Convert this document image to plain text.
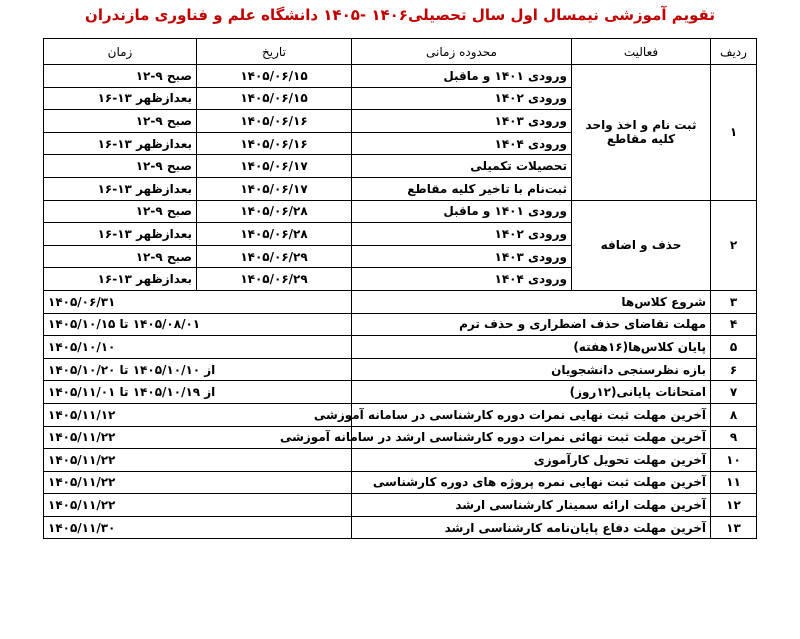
تقویم آموزشی نیمسال اول سال تحصیلی۱۴۰۶ -۱۴۰۵ دانشگاه علم و فناوری مازندران
ردیف	فعالیت	محدوده زمانی	تاریخ	زمان
۱	ثبت نام و اخذ واحد کلیه مقاطع	ورودی ۱۴۰۱ و ماقبل	۱۴۰۵/۰۶/۱۵	صبح ۹-۱۲
		ورودی ۱۴۰۲	۱۴۰۵/۰۶/۱۵	بعدازظهر ۱۳-۱۶
		ورودی ۱۴۰۳	۱۴۰۵/۰۶/۱۶	صبح ۹-۱۲
		ورودی ۱۴۰۴	۱۴۰۵/۰۶/۱۶	بعدازظهر ۱۳-۱۶
		تحصیلات تکمیلی	۱۴۰۵/۰۶/۱۷	صبح ۹-۱۲
		ثبت‌نام با تاخیر کلیه مقاطع	۱۴۰۵/۰۶/۱۷	بعدازظهر ۱۳-۱۶
۲	حذف و اضافه	ورودی ۱۴۰۱ و ماقبل	۱۴۰۵/۰۶/۲۸	صبح ۹-۱۲
		ورودی ۱۴۰۲	۱۴۰۵/۰۶/۲۸	بعدازظهر ۱۳-۱۶
		ورودی ۱۴۰۳	۱۴۰۵/۰۶/۲۹	صبح ۹-۱۲
		ورودی ۱۴۰۴	۱۴۰۵/۰۶/۲۹	بعدازظهر ۱۳-۱۶
۳	شروع کلاس‌ها		۱۴۰۵/۰۶/۳۱	
۴	مهلت تقاضای حذف اضطراری و حذف ترم		۱۴۰۵/۰۸/۰۱ تا ۱۴۰۵/۱۰/۱۵	
۵	پایان کلاس‌ها(۱۶هفته)		۱۴۰۵/۱۰/۱۰	
۶	بازه نظرسنجی دانشجویان		از ۱۴۰۵/۱۰/۱۰ تا ۱۴۰۵/۱۰/۲۰	
۷	امتحانات پایانی(۱۲روز)		از ۱۴۰۵/۱۰/۱۹ تا ۱۴۰۵/۱۱/۰۱	
۸	آخرین مهلت ثبت نهایی نمرات دوره کارشناسی در سامانه آموزشی		۱۴۰۵/۱۱/۱۲	
۹	آخرین مهلت ثبت نهائی نمرات دوره کارشناسی ارشد در سامانه آموزشی		۱۴۰۵/۱۱/۲۲	
۱۰	آخرین مهلت تحویل کارآموزی		۱۴۰۵/۱۱/۲۲	
۱۱	آخرین مهلت ثبت نهایی نمره پروژه های دوره کارشناسی		۱۴۰۵/۱۱/۲۲	
۱۲	آخرین مهلت ارائه سمینار کارشناسی ارشد		۱۴۰۵/۱۱/۲۲	
۱۳	آخرین مهلت دفاع پایان‌نامه کارشناسی ارشد		۱۴۰۵/۱۱/۳۰	
